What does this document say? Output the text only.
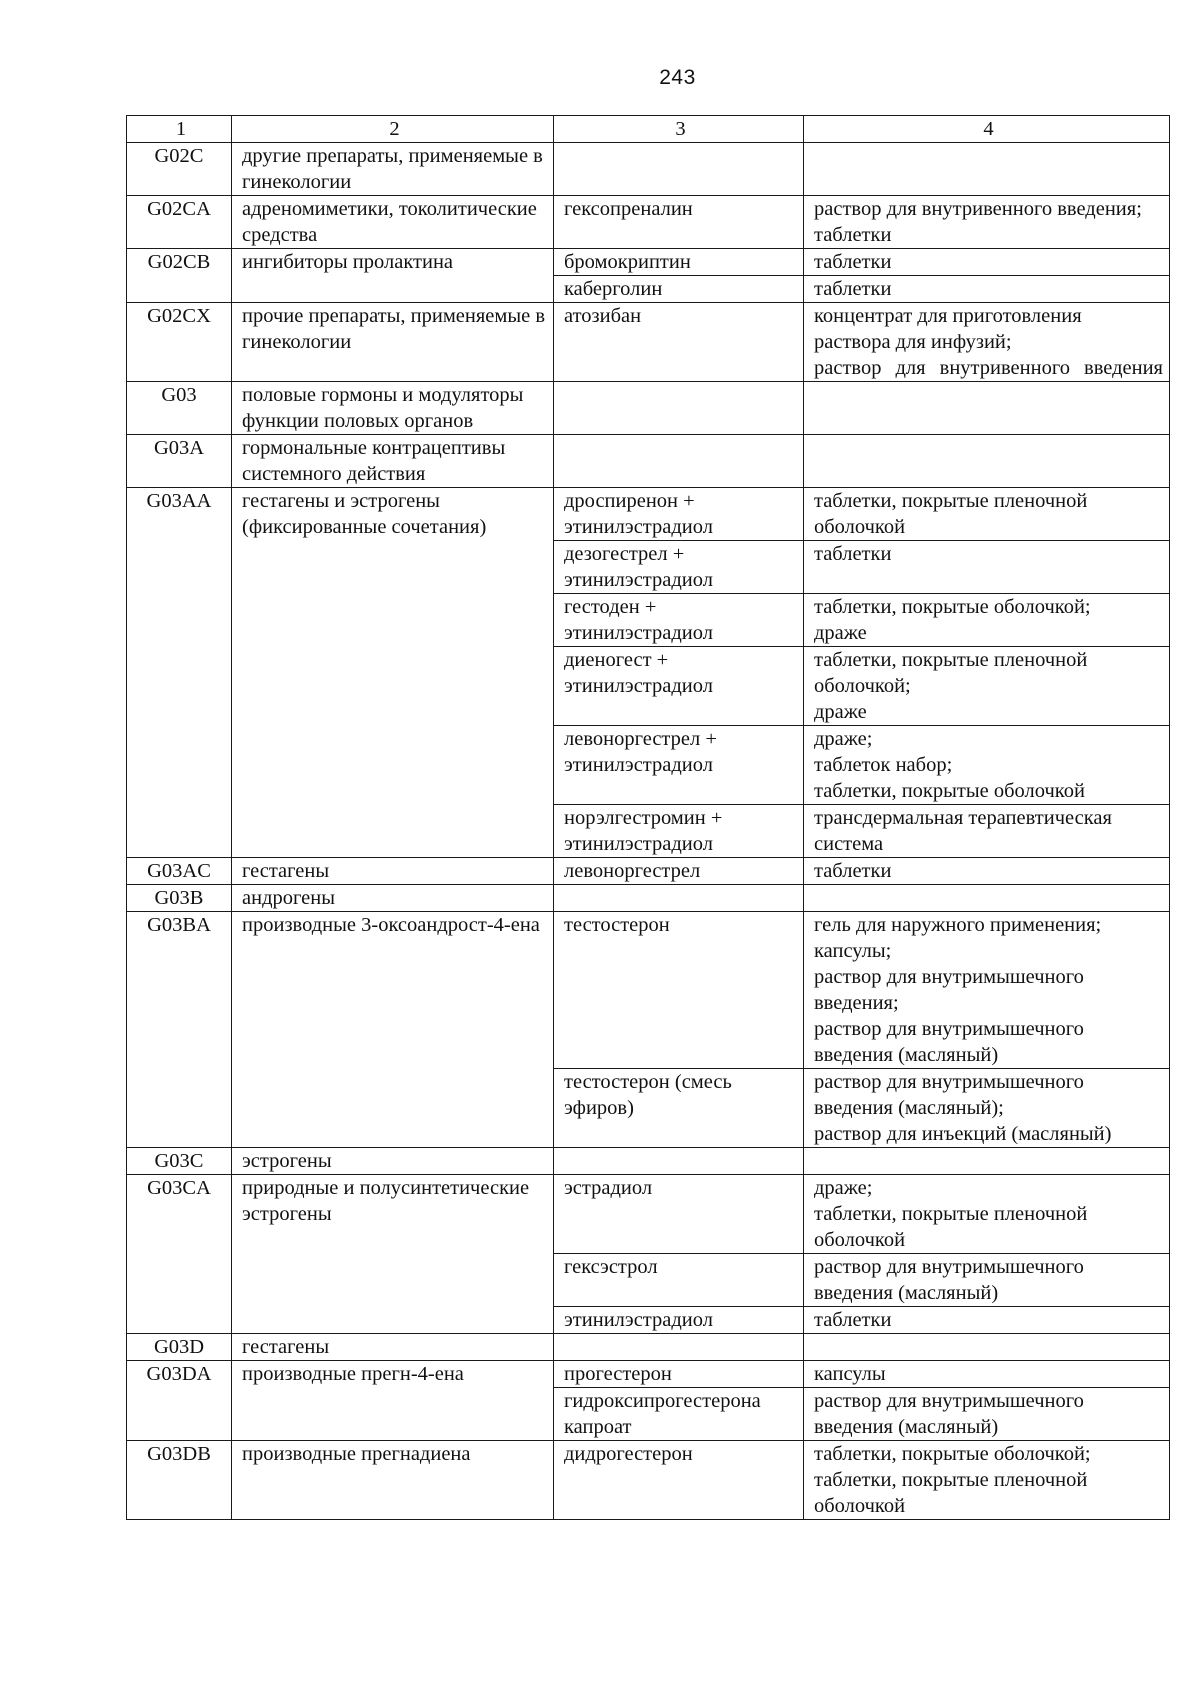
243
1	2	3	4
G02C	другие препараты, применяемые в гинекологии		
G02CA	адреномиметики, токолитические средства	гексопреналин	раствор для внутривенного введения;
таблетки

G02CB	ингибиторы пролактина	бромокриптин	таблетки

		каберголин	таблетки

G02CX	прочие препараты, применяемые в гинекологии	атозибан	концентрат для приготовления раствора для инфузий;
раствор для внутривенного введения

G03	половые гормоны и модуляторы функции половых органов		
G03A	гормональные контрацептивы системного действия		
G03AA	гестагены и эстрогены (фиксированные сочетания)	дроспиренон + этинилэстрадиол	таблетки, покрытые пленочной оболочкой

		дезогестрел + этинилэстрадиол	таблетки

		гестоден + этинилэстрадиол	таблетки, покрытые оболочкой;
драже

		диеногест + этинилэстрадиол	таблетки, покрытые пленочной оболочкой;
драже

		левоноргестрел + этинилэстрадиол	драже;
таблеток набор;
таблетки, покрытые оболочкой

		норэлгестромин + этинилэстрадиол	трансдермальная терапевтическая система

G03AC	гестагены	левоноргестрел	таблетки

G03B	андрогены		
G03BA	производные 3-оксоандрост-4-ена	тестостерон	гель для наружного применения;
капсулы;
раствор для внутримышечного введения;
раствор для внутримышечного введения (масляный)

		тестостерон (смесь эфиров)	раствор для внутримышечного введения (масляный);
раствор для инъекций (масляный)

G03C	эстрогены		
G03CA	природные и полусинтетические эстрогены	эстрадиол	драже;
таблетки, покрытые пленочной оболочкой

		гексэстрол	раствор для внутримышечного введения (масляный)

		этинилэстрадиол	таблетки

G03D	гестагены		
G03DA	производные прегн-4-ена	прогестерон	капсулы

		гидроксипрогестерона капроат	раствор для внутримышечного введения (масляный)

G03DB	производные прегнадиена	дидрогестерон	таблетки, покрытые оболочкой;
таблетки, покрытые пленочной оболочкой
